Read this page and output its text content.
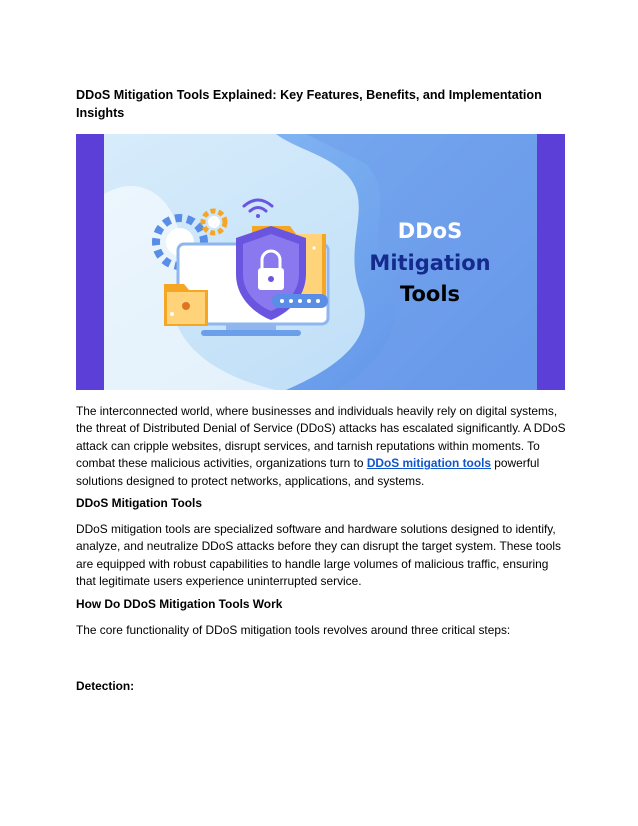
DDoS Mitigation Tools Explained: Key Features, Benefits, and Implementation Insights
DDoS
Mitigation
Tools

The interconnected world, where businesses and individuals heavily rely on digital systems, the threat of Distributed Denial of Service (DDoS) attacks has escalated significantly. A DDoS attack can cripple websites, disrupt services, and tarnish reputations within moments. To combat these malicious activities, organizations turn to DDoS mitigation tools powerful solutions designed to protect networks, applications, and systems.

DDoS Mitigation Tools

DDoS mitigation tools are specialized software and hardware solutions designed to identify, analyze, and neutralize DDoS attacks before they can disrupt the target system. These tools are equipped with robust capabilities to handle large volumes of malicious traffic, ensuring that legitimate users experience uninterrupted service.

How Do DDoS Mitigation Tools Work

The core functionality of DDoS mitigation tools revolves around three critical steps:

Detection:
